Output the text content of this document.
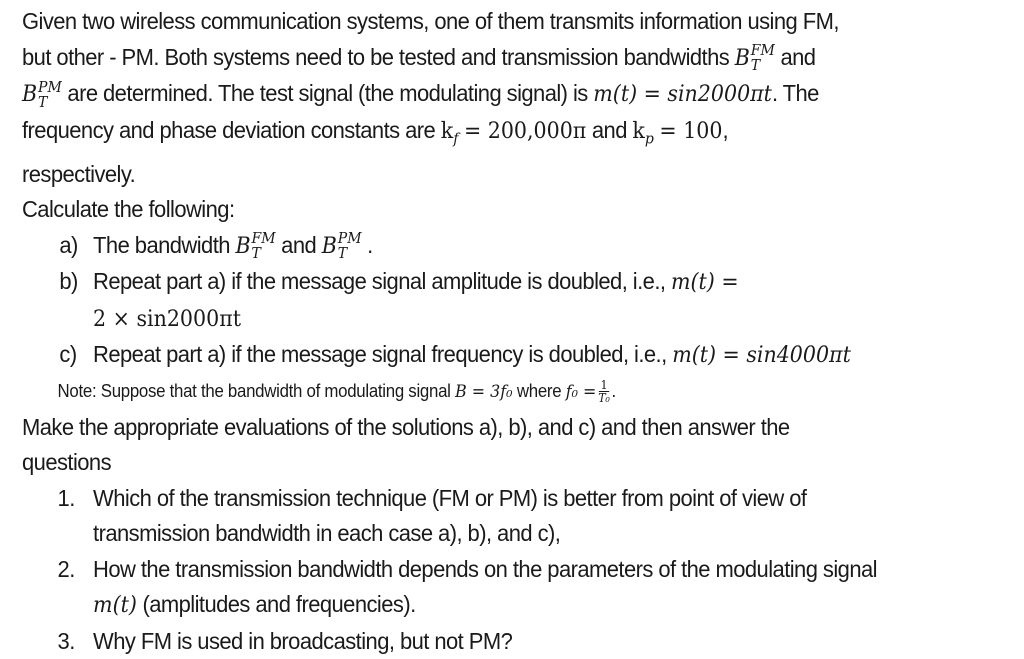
Given two wireless communication systems, one of them transmits information using FM,
but other - PM. Both systems need to be tested and transmission bandwidths B FM
T and
B PM
T are determined. The test signal (the modulating signal) is m(t) = sin2000πt. The
frequency and phase deviation constants are $k_f = 200,000\pi$ and $k_p = 100$,
respectively.
Calculate the following:
a) The bandwidth B FM
T and B PM
T .
b) Repeat part a) if the message signal amplitude is doubled, i.e., m(t) =
2 × sin2000πt
c) Repeat part a) if the message signal frequency is doubled, i.e., m(t) = sin4000πt
Note: Suppose that the bandwidth of modulating signal B = 3f₀ where $f_0 = \frac{1}{\text{T₀}}$ .
Make the appropriate evaluations of the solutions a), b), and c) and then answer the
questions
1. Which of the transmission technique (FM or PM) is better from point of view of
transmission bandwidth in each case a), b), and c),
2. How the transmission bandwidth depends on the parameters of the modulating signal
m(t) (amplitudes and frequencies).
3. Why FM is used in broadcasting, but not PM?
